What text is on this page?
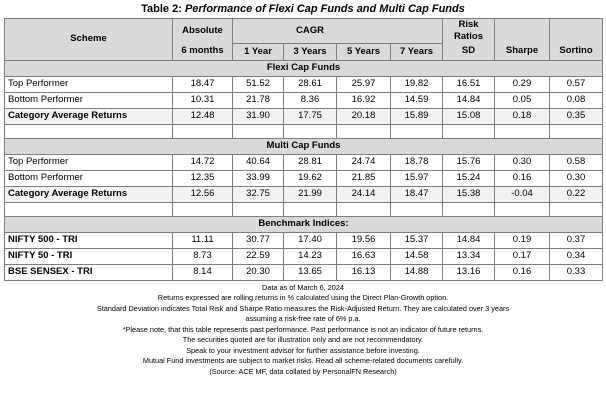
Table 2: Performance of Flexi Cap Funds and Multi Cap Funds
Scheme	Absolute		CAGR			Risk
Ratios		
	6 months	1 Year	3 Years	5 Years	7 Years	SD	Sharpe	Sortino
Flexi Cap Funds								
Top Performer	18.47	51.52	28.61	25.97	19.82	16.51	0.29	0.57
Bottom Performer	10.31	21.78	8.36	16.92	14.59	14.84	0.05	0.08
Category Average Returns	12.48	31.90	17.75	20.18	15.89	15.08	0.18	0.35

Multi Cap Funds								
Top Performer	14.72	40.64	28.81	24.74	18.78	15.76	0.30	0.58
Bottom Performer	12.35	33.99	19.62	21.85	15.97	15.24	0.16	0.30
Category Average Returns	12.56	32.75	21.99	24.14	18.47	15.38	-0.04	0.22

Benchmark Indices:								
NIFTY 500 - TRI	11.11	30.77	17.40	19.56	15.37	14.84	0.19	0.37
NIFTY 50 - TRI	8.73	22.59	14.23	16.63	14.58	13.34	0.17	0.34
BSE SENSEX - TRI	8.14	20.30	13.65	16.13	14.88	13.16	0.16	0.33
Data as of March 6, 2024
Returns expressed are rolling returns in % calculated using the Direct Plan-Growth option.
Standard Deviation indicates Total Risk and Sharpe Ratio measures the Risk-Adjusted Return. They are calculated over 3 years
assuming a risk-free rate of 6% p.a.
*Please note, that this table represents past performance. Past performance is not an indicator of future returns.
The securities quoted are for illustration only and are not recommendatory.
Speak to your investment advisor for further assistance before investing.
Mutual Fund investments are subject to market risks. Read all scheme-related documents carefully.
(Source: ACE MF, data collated by PersonalFN Research)
